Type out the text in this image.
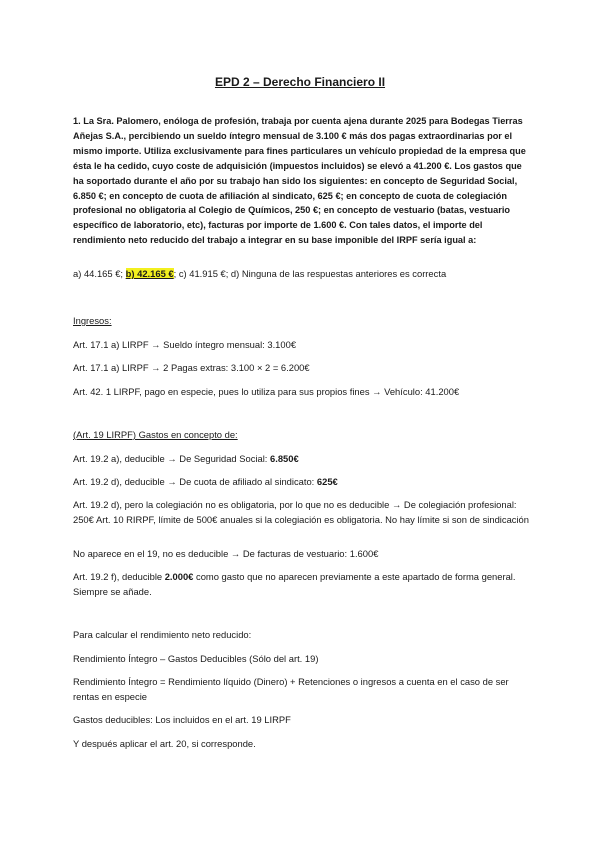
EPD 2 – Derecho Financiero II
1. La Sra. Palomero, enóloga de profesión, trabaja por cuenta ajena durante 2025 para Bodegas Tierras Añejas S.A., percibiendo un sueldo íntegro mensual de 3.100 € más dos pagas extraordinarias por el mismo importe. Utiliza exclusivamente para fines particulares un vehículo propiedad de la empresa que ésta le ha cedido, cuyo coste de adquisición (impuestos incluidos) se elevó a 41.200 €. Los gastos que ha soportado durante el año por su trabajo han sido los siguientes: en concepto de Seguridad Social, 6.850 €; en concepto de cuota de afiliación al sindicato, 625 €; en concepto de cuota de colegiación profesional no obligatoria al Colegio de Químicos, 250 €; en concepto de vestuario (batas, vestuario específico de laboratorio, etc), facturas por importe de 1.600 €. Con tales datos, el importe del rendimiento neto reducido del trabajo a integrar en su base imponible del IRPF sería igual a:
a) 44.165 €; b) 42.165 €; c) 41.915 €; d) Ninguna de las respuestas anteriores es correcta
Ingresos:
Art. 17.1 a) LIRPF → Sueldo íntegro mensual: 3.100€
Art. 17.1 a) LIRPF → 2 Pagas extras: 3.100 × 2 = 6.200€
Art. 42. 1 LIRPF, pago en especie, pues lo utiliza para sus propios fines → Vehículo: 41.200€
(Art. 19 LIRPF) Gastos en concepto de:
Art. 19.2 a), deducible → De Seguridad Social: 6.850€
Art. 19.2 d), deducible → De cuota de afiliado al sindicato: 625€
Art. 19.2 d), pero la colegiación no es obligatoria, por lo que no es deducible → De colegiación profesional: 250€ Art. 10 RIRPF, límite de 500€ anuales si la colegiación es obligatoria. No hay límite si son de sindicación
No aparece en el 19, no es deducible → De facturas de vestuario: 1.600€
Art. 19.2 f), deducible 2.000€ como gasto que no aparecen previamente a este apartado de forma general. Siempre se añade.
Para calcular el rendimiento neto reducido:
Rendimiento Íntegro – Gastos Deducibles (Sólo del art. 19)
Rendimiento Íntegro = Rendimiento líquido (Dinero) + Retenciones o ingresos a cuenta en el caso de ser rentas en especie
Gastos deducibles: Los incluidos en el art. 19 LIRPF
Y después aplicar el art. 20, si corresponde.
